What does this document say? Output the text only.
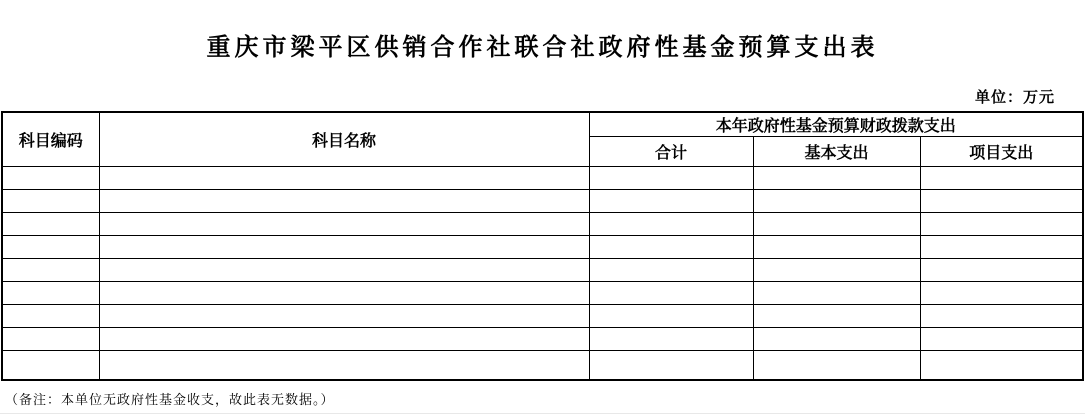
重庆市梁平区供销合作社联合社政府性基金预算支出表
单位：万元
科目编码	科目名称	本年政府性基金预算财政拨款支出		
		合计	基本支出	项目支出

（备注：本单位无政府性基金收支，故此表无数据。）
